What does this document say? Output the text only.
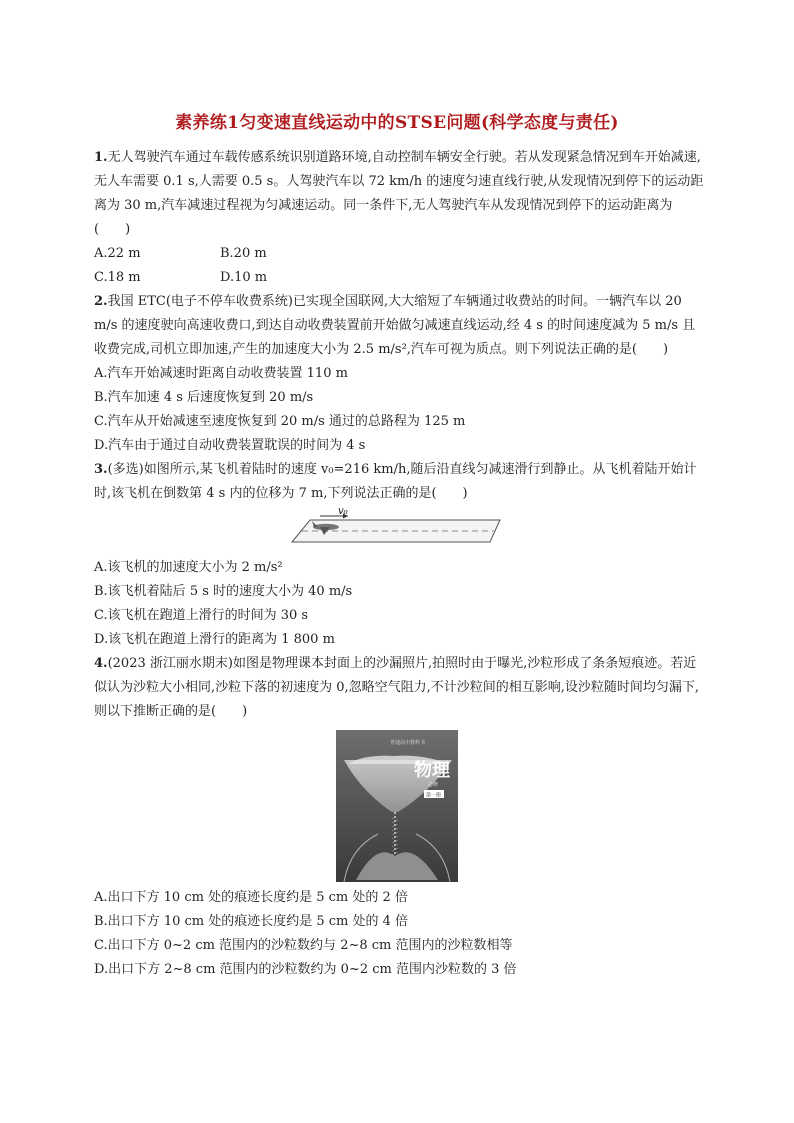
素养练1匀变速直线运动中的STSE问题(科学态度与责任)

1.无人驾驶汽车通过车载传感系统识别道路环境,自动控制车辆安全行驶。若从发现紧急情况到车开始减速,无人车需要 0.1 s,人需要 0.5 s。人驾驶汽车以 72 km/h 的速度匀速直线行驶,从发现情况到停下的运动距离为 30 m,汽车减速过程视为匀减速运动。同一条件下,无人驾驶汽车从发现情况到停下的运动距离为(　　)

A.22 m	B.20 m
C.18 m	D.10 m

2.我国 ETC(电子不停车收费系统)已实现全国联网,大大缩短了车辆通过收费站的时间。一辆汽车以 20 m/s 的速度驶向高速收费口,到达自动收费装置前开始做匀减速直线运动,经 4 s 的时间速度减为 5 m/s 且收费完成,司机立即加速,产生的加速度大小为 2.5 m/s²,汽车可视为质点。则下列说法正确的是(　　)

A.汽车开始减速时距离自动收费装置 110 m
B.汽车加速 4 s 后速度恢复到 20 m/s
C.汽车从开始减速至速度恢复到 20 m/s 通过的总路程为 125 m
D.汽车由于通过自动收费装置耽误的时间为 4 s

3.(多选)如图所示,某飞机着陆时的速度 v₀=216 km/h,随后沿直线匀减速滑行到静止。从飞机着陆开始计时,该飞机在倒数第 4 s 内的位移为 7 m,下列说法正确的是(　　)

v₀
A.该飞机的加速度大小为 2 m/s²
B.该飞机着陆后 5 s 时的速度大小为 40 m/s
C.该飞机在跑道上滑行的时间为 30 s
D.该飞机在跑道上滑行的距离为 1 800 m

4.(2023 浙江丽水期末)如图是物理课本封面上的沙漏照片,拍照时由于曝光,沙粒形成了条条短痕迹。若近似认为沙粒大小相同,沙粒下落的初速度为 0,忽略空气阻力,不计沙粒间的相互影响,设沙粒随时间均匀漏下,则以下推断正确的是(　　)

普通高中教科书
物理
必修
第一册
A.出口下方 10 cm 处的痕迹长度约是 5 cm 处的 2 倍
B.出口下方 10 cm 处的痕迹长度约是 5 cm 处的 4 倍
C.出口下方 0~2 cm 范围内的沙粒数约与 2~8 cm 范围内的沙粒数相等
D.出口下方 2~8 cm 范围内的沙粒数约为 0~2 cm 范围内沙粒数的 3 倍
